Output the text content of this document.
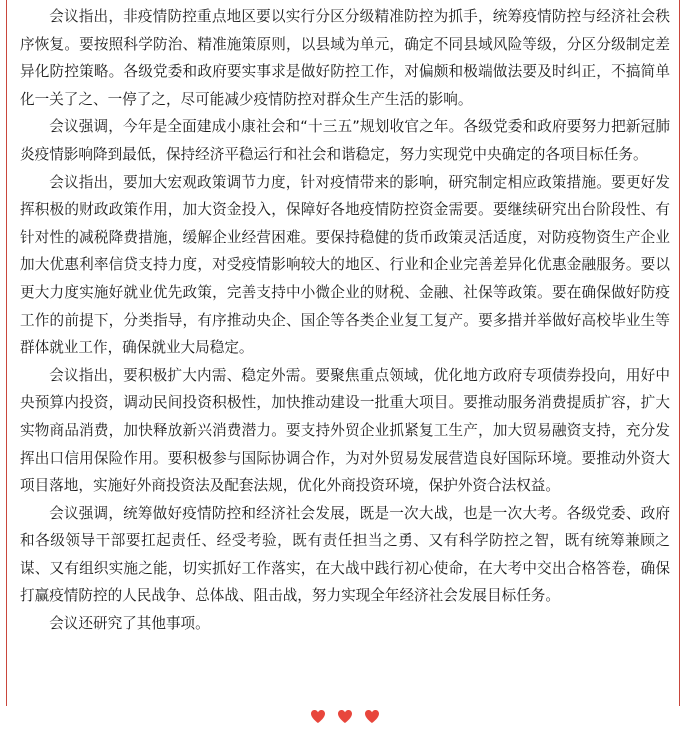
会议指出，非疫情防控重点地区要以实行分区分级精准防控为抓手，统筹疫情防控与经济社会秩序恢复。要按照科学防治、精准施策原则，以县域为单元，确定不同县域风险等级，分区分级制定差异化防控策略。各级党委和政府要实事求是做好防控工作，对偏颇和极端做法要及时纠正，不搞简单化一关了之、一停了之，尽可能减少疫情防控对群众生产生活的影响。

会议强调，今年是全面建成小康社会和“十三五”规划收官之年。各级党委和政府要努力把新冠肺炎疫情影响降到最低，保持经济平稳运行和社会和谐稳定，努力实现党中央确定的各项目标任务。

会议指出，要加大宏观政策调节力度，针对疫情带来的影响，研究制定相应政策措施。要更好发挥积极的财政政策作用，加大资金投入，保障好各地疫情防控资金需要。要继续研究出台阶段性、有针对性的减税降费措施，缓解企业经营困难。要保持稳健的货币政策灵活适度，对防疫物资生产企业加大优惠利率信贷支持力度，对受疫情影响较大的地区、行业和企业完善差异化优惠金融服务。要以更大力度实施好就业优先政策，完善支持中小微企业的财税、金融、社保等政策。要在确保做好防疫工作的前提下，分类指导，有序推动央企、国企等各类企业复工复产。要多措并举做好高校毕业生等群体就业工作，确保就业大局稳定。

会议指出，要积极扩大内需、稳定外需。要聚焦重点领域，优化地方政府专项债券投向，用好中央预算内投资，调动民间投资积极性，加快推动建设一批重大项目。要推动服务消费提质扩容，扩大实物商品消费，加快释放新兴消费潜力。要支持外贸企业抓紧复工生产，加大贸易融资支持，充分发挥出口信用保险作用。要积极参与国际协调合作，为对外贸易发展营造良好国际环境。要推动外资大项目落地，实施好外商投资法及配套法规，优化外商投资环境，保护外资合法权益。

会议强调，统筹做好疫情防控和经济社会发展，既是一次大战，也是一次大考。各级党委、政府和各级领导干部要扛起责任、经受考验，既有责任担当之勇、又有科学防控之智，既有统筹兼顾之谋、又有组织实施之能，切实抓好工作落实，在大战中践行初心使命，在大考中交出合格答卷，确保打赢疫情防控的人民战争、总体战、阻击战，努力实现全年经济社会发展目标任务。

会议还研究了其他事项。
